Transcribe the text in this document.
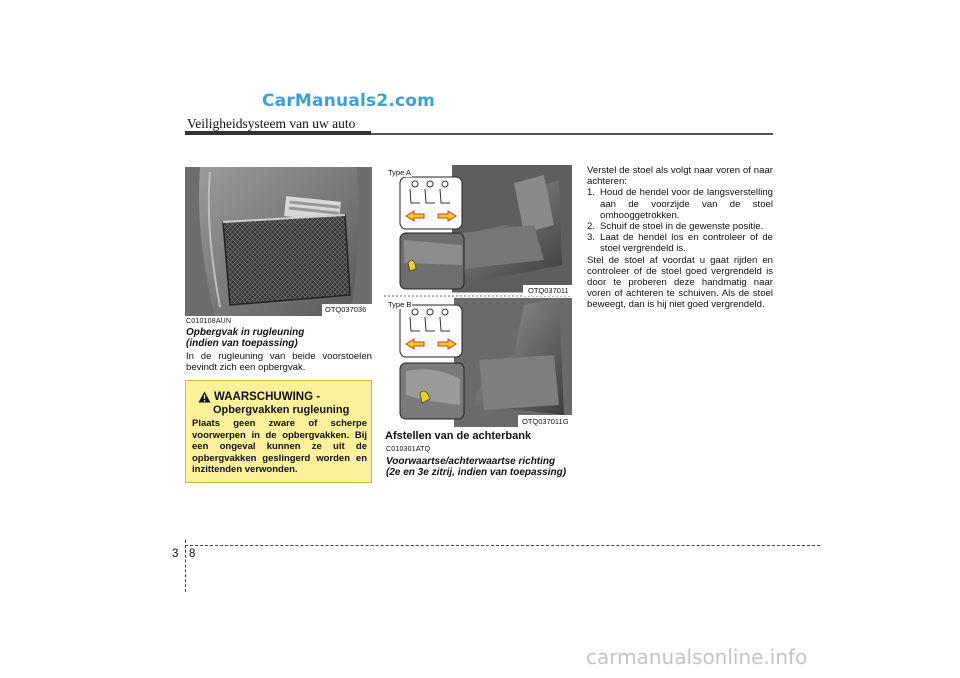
CarManuals2.com
Veiligheidsysteem van uw auto
OTQ037036
C010108AUN
Opbergvak in rugleuning
(indien van toepassing)
In de rugleuning van beide voorstoelen bevindt zich een opbergvak.
WAARSCHUWING -
Opbergvakken rugleuning
Plaats geen zware of scherpe voorwerpen in de opbergvakken. Bij een ongeval kunnen ze uit de opbergvakken geslingerd worden en inzittenden verwonden.
Type A
OTQ037011
Type B
OTQ037011G
Afstellen van de achterbank
C010301ATQ
Voorwaartse/achterwaartse richting
(2e en 3e zitrij, indien van toepassing)
Verstel de stoel als volgt naar voren of naar achteren:
1. Houd de hendel voor de langsverstelling aan de voorzijde van de stoel omhooggetrokken.
2. Schuif de stoel in de gewenste positie.
3. Laat de hendel los en controleer of de stoel vergrendeld is.
Stel de stoel af voordat u gaat rijden en controleer of de stoel goed vergrendeld is door te proberen deze handmatig naar voren of achteren te schuiven. Als de stoel beweegt, dan is hij niet goed vergrendeld.
3 8
carmanualsonline.info
